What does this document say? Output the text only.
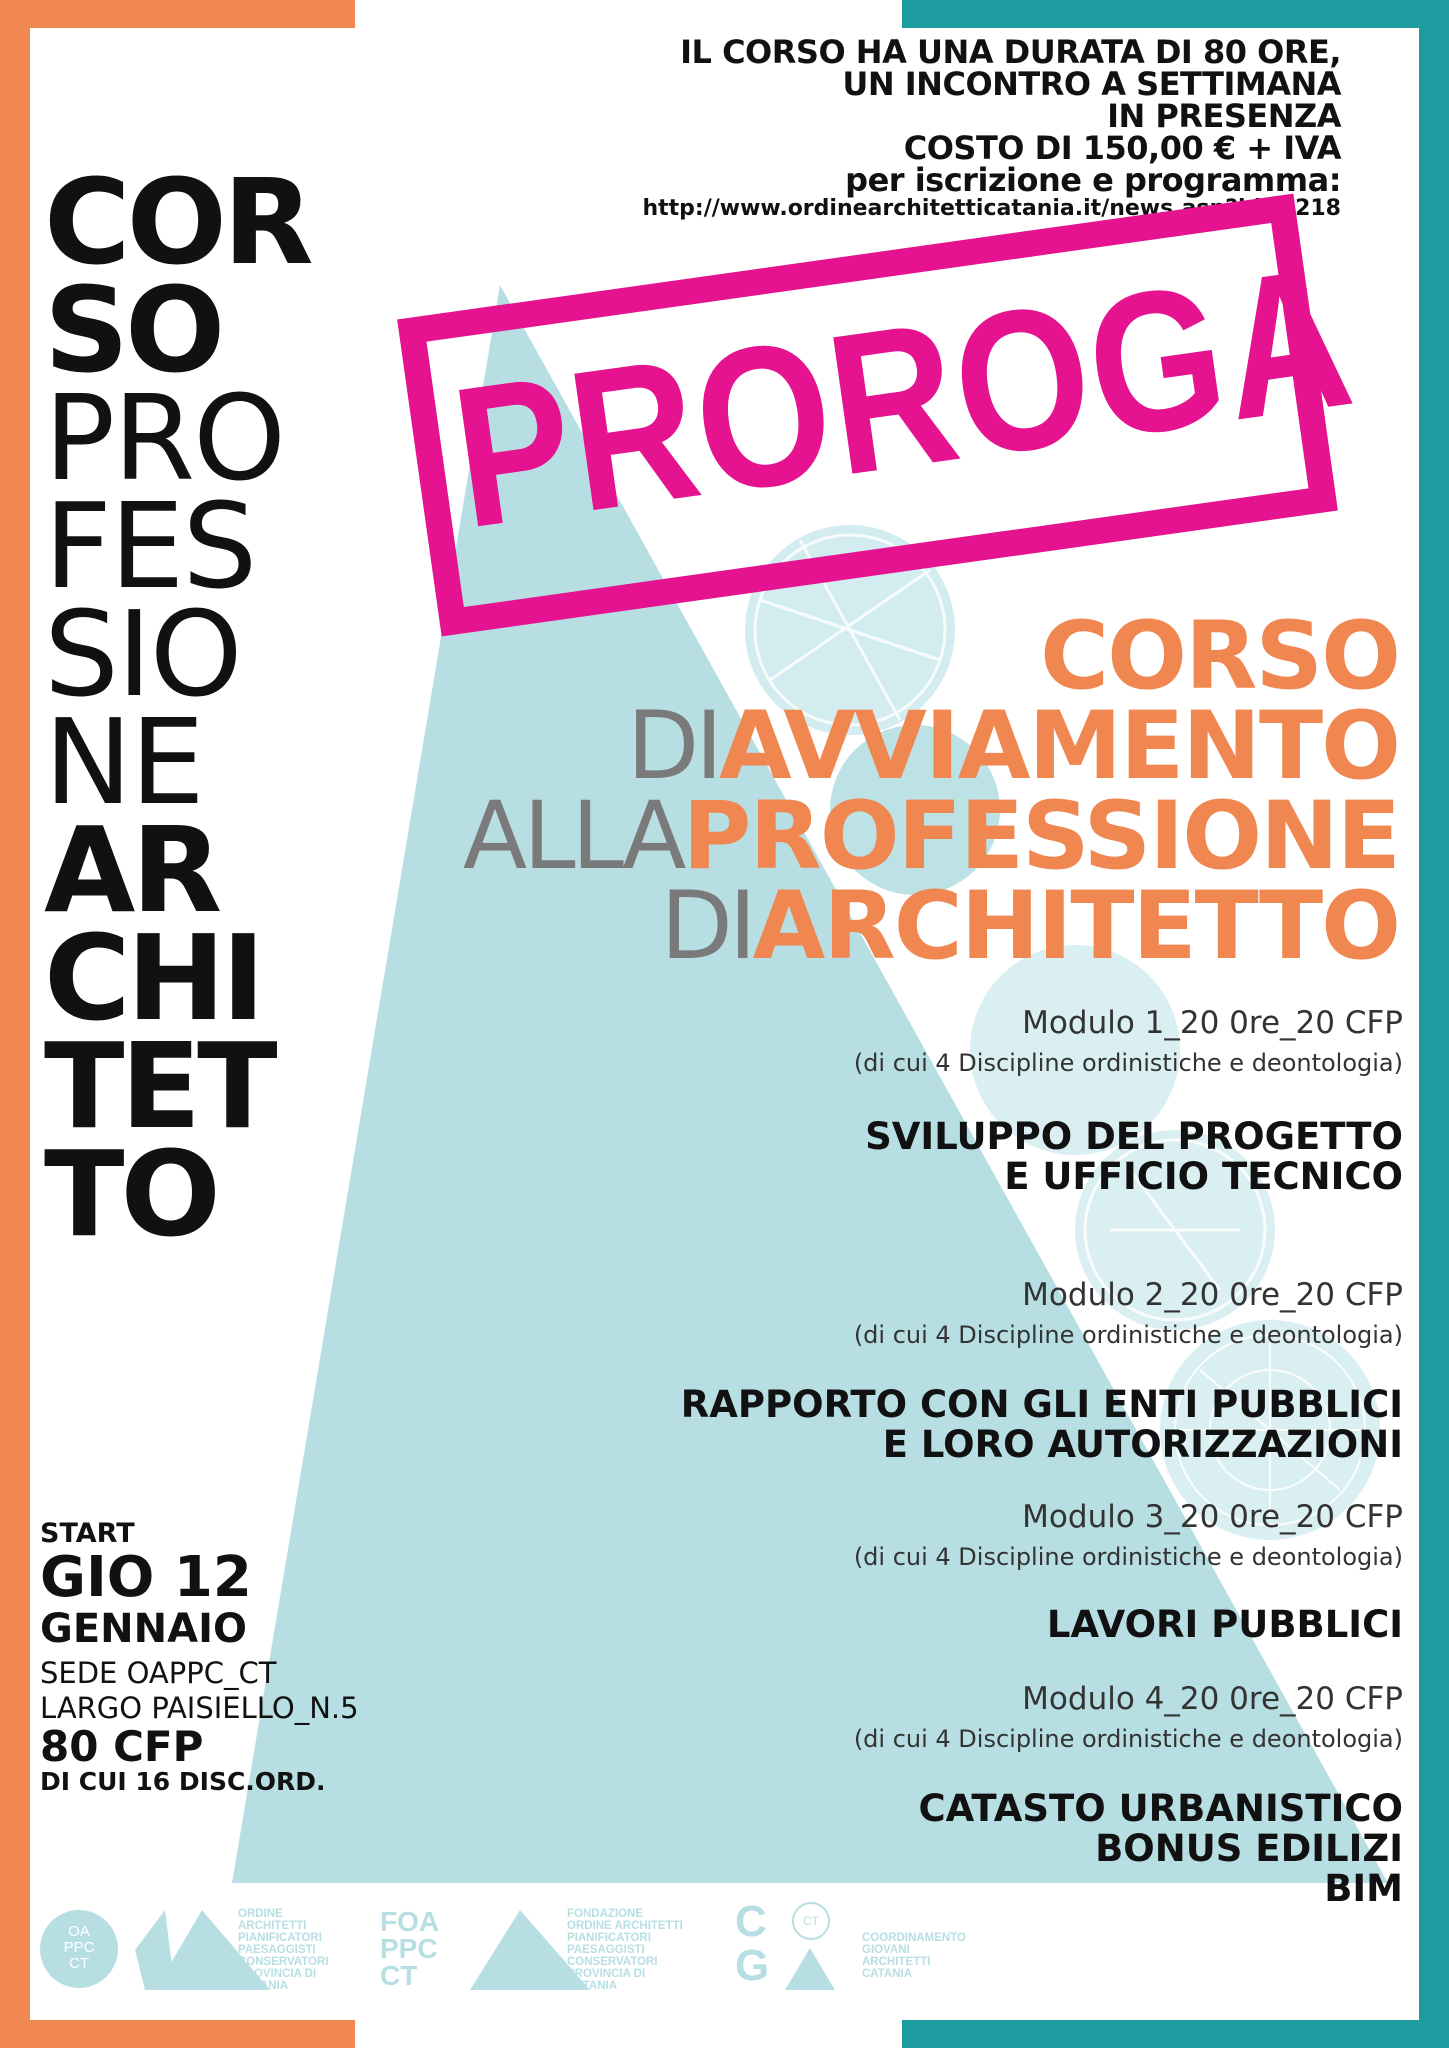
IL CORSO HA UNA DURATA DI 80 ORE,
UN INCONTRO A SETTIMANA
IN PRESENZA
COSTO DI 150,00 € + IVA
per iscrizione e programma:
http://www.ordinearchitetticatania.it/news.asp?id=1218
COR
SO
PRO
FES
SIO
NE
AR
CHI
TET
TO
PROROGA
CORSO
DIAVVIAMENTO
ALLAPROFESSIONE
DIARCHITETTO
Modulo 1_20 0re_20 CFP
(di cui 4 Discipline ordinistiche e deontologia)
SVILUPPO DEL PROGETTO
E UFFICIO TECNICO
Modulo 2_20 0re_20 CFP
(di cui 4 Discipline ordinistiche e deontologia)
RAPPORTO CON GLI ENTI PUBBLICI
E LORO AUTORIZZAZIONI
Modulo 3_20 0re_20 CFP
(di cui 4 Discipline ordinistiche e deontologia)
LAVORI PUBBLICI
Modulo 4_20 0re_20 CFP
(di cui 4 Discipline ordinistiche e deontologia)
CATASTO URBANISTICO
BONUS EDILIZI
BIM
START
GIO 12
GENNAIO
SEDE OAPPC_CT
LARGO PAISIELLO_N.5
80 CFP
DI CUI 16 DISC.ORD.
OA
PPC
CT
ORDINE
ARCHITETTI
PIANIFICATORI
PAESAGGISTI
CONSERVATORI
PROVINCIA DI
CATANIA
FOA
PPC
CT
FONDAZIONE
ORDINE ARCHITETTI
PIANIFICATORI
PAESAGGISTI
CONSERVATORI
PROVINCIA DI
CATANIA
C
G
CT
COORDINAMENTO
GIOVANI
ARCHITETTI
CATANIA
